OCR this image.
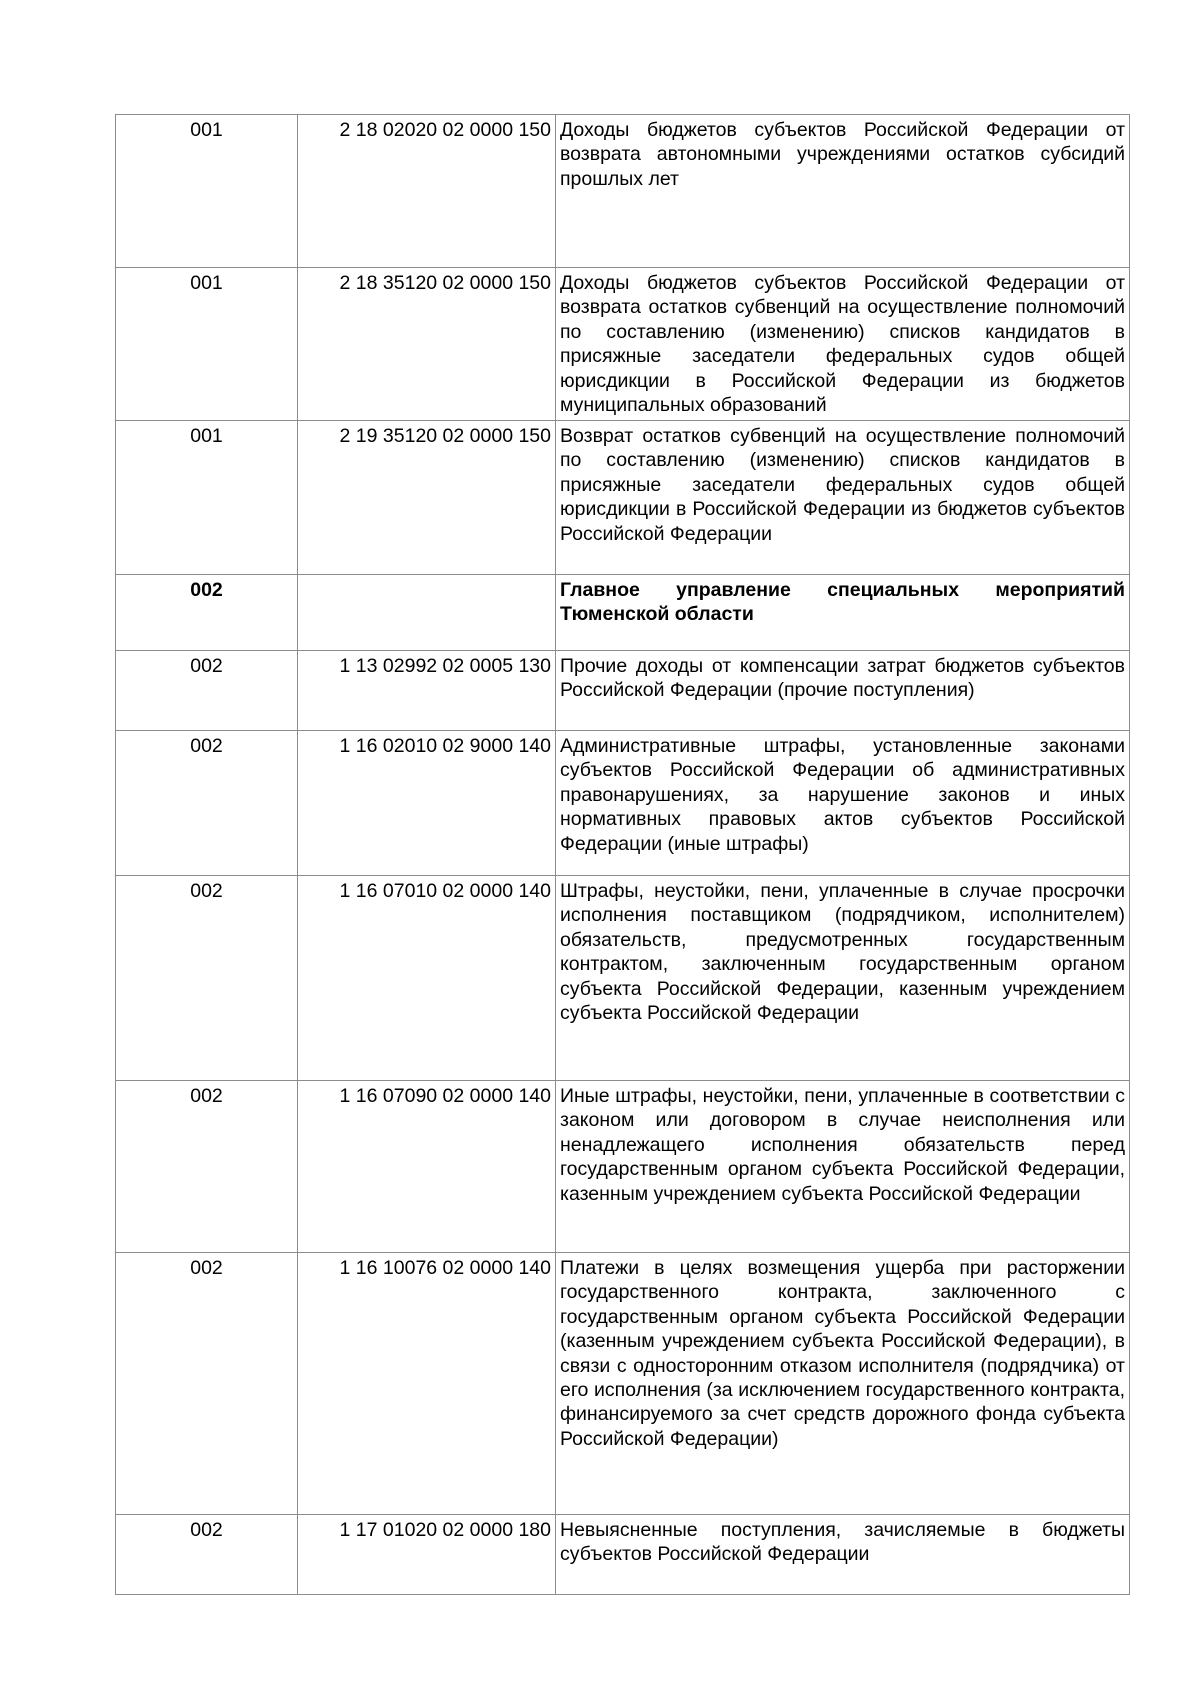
001	2 18 02020 02 0000 150	Доходы бюджетов субъектов Российской Федерации от возврата автономными учреждениями остатков субсидий прошлых лет
001	2 18 35120 02 0000 150	Доходы бюджетов субъектов Российской Федерации от возврата остатков субвенций на осуществление полномочий по составлению (изменению) списков кандидатов в присяжные заседатели федеральных судов общей юрисдикции в Российской Федерации из бюджетов муниципальных образований
001	2 19 35120 02 0000 150	Возврат остатков субвенций на осуществление полномочий по составлению (изменению) списков кандидатов в присяжные заседатели федеральных судов общей юрисдикции в Российской Федерации из бюджетов субъектов Российской Федерации
002		Главное управление специальных мероприятий Тюменской области
002	1 13 02992 02 0005 130	Прочие доходы от компенсации затрат бюджетов субъектов Российской Федерации (прочие поступления)
002	1 16 02010 02 9000 140	Административные штрафы, установленные законами субъектов Российской Федерации об административных правонарушениях, за нарушение законов и иных нормативных правовых актов субъектов Российской Федерации (иные штрафы)
002	1 16 07010 02 0000 140	Штрафы, неустойки, пени, уплаченные в случае просрочки исполнения поставщиком (подрядчиком, исполнителем) обязательств, предусмотренных государственным контрактом, заключенным государственным органом субъекта Российской Федерации, казенным учреждением субъекта Российской Федерации
002	1 16 07090 02 0000 140	Иные штрафы, неустойки, пени, уплаченные в соответствии с законом или договором в случае неисполнения или ненадлежащего исполнения обязательств перед государственным органом субъекта Российской Федерации, казенным учреждением субъекта Российской Федерации
002	1 16 10076 02 0000 140	Платежи в целях возмещения ущерба при расторжении государственного контракта, заключенного с государственным органом субъекта Российской Федерации (казенным учреждением субъекта Российской Федерации), в связи с односторонним отказом исполнителя (подрядчика) от его исполнения (за исключением государственного контракта, финансируемого за счет средств дорожного фонда субъекта Российской Федерации)
002	1 17 01020 02 0000 180	Невыясненные поступления, зачисляемые в бюджеты субъектов Российской Федерации
